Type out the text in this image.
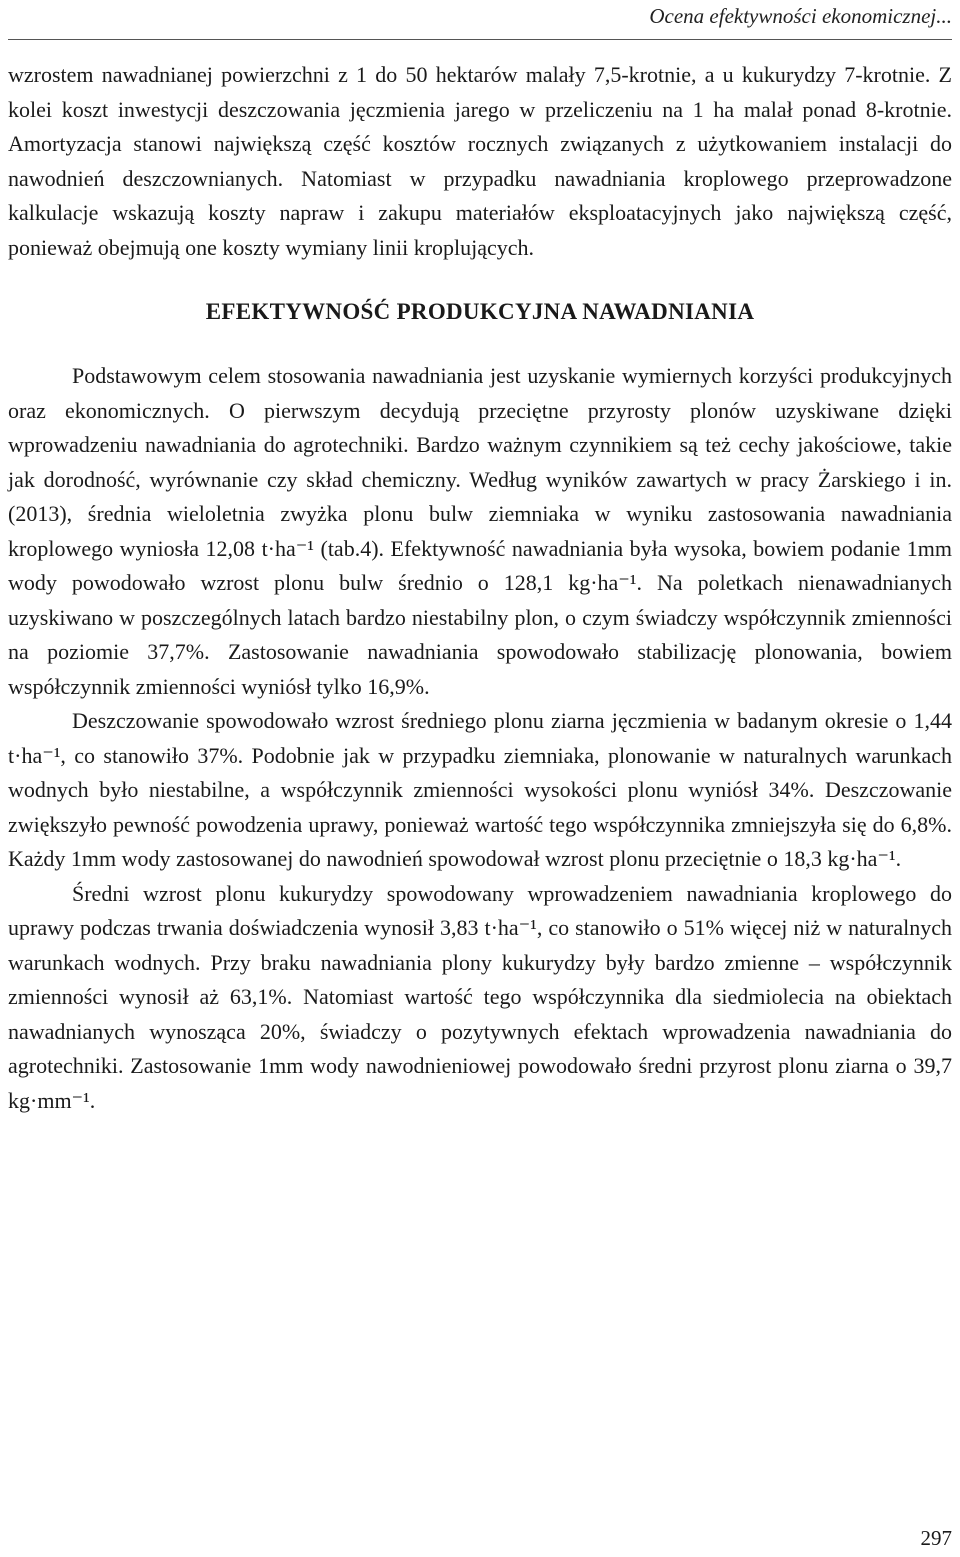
Ocena efektywności ekonomicznej...

wzrostem nawadnianej powierzchni z 1 do 50 hektarów malały 7,5-krotnie, a u kukurydzy 7-krotnie. Z kolei koszt inwestycji deszczowania jęczmienia jarego w przeliczeniu na 1 ha malał ponad 8-krotnie. Amortyzacja stanowi największą część kosztów rocznych związanych z użytkowaniem instalacji do nawodnień deszczownianych. Natomiast w przypadku nawadniania kroplowego przeprowadzone kalkulacje wskazują koszty napraw i zakupu materiałów eksploatacyjnych jako największą część, ponieważ obejmują one koszty wymiany linii kroplujących.

EFEKTYWNOŚĆ PRODUKCYJNA NAWADNIANIA

Podstawowym celem stosowania nawadniania jest uzyskanie wymiernych korzyści produkcyjnych oraz ekonomicznych. O pierwszym decydują przeciętne przyrosty plonów uzyskiwane dzięki wprowadzeniu nawadniania do agrotechniki. Bardzo ważnym czynnikiem są też cechy jakościowe, takie jak dorodność, wyrównanie czy skład chemiczny. Według wyników zawartych w pracy Żarskiego i in. (2013), średnia wieloletnia zwyżka plonu bulw ziemniaka w wyniku zastosowania nawadniania kroplowego wyniosła 12,08 t·ha⁻¹ (tab.4). Efektywność nawadniania była wysoka, bowiem podanie 1mm wody powodowało wzrost plonu bulw średnio o 128,1 kg·ha⁻¹. Na poletkach nienawadnianych uzyskiwano w poszczególnych latach bardzo niestabilny plon, o czym świadczy współczynnik zmienności na poziomie 37,7%. Zastosowanie nawadniania spowodowało stabilizację plonowania, bowiem współczynnik zmienności wyniósł tylko 16,9%.

Deszczowanie spowodowało wzrost średniego plonu ziarna jęczmienia w badanym okresie o 1,44 t·ha⁻¹, co stanowiło 37%. Podobnie jak w przypadku ziemniaka, plonowanie w naturalnych warunkach wodnych było niestabilne, a współczynnik zmienności wysokości plonu wyniósł 34%. Deszczowanie zwiększyło pewność powodzenia uprawy, ponieważ wartość tego współczynnika zmniejszyła się do 6,8%. Każdy 1mm wody zastosowanej do nawodnień spowodował wzrost plonu przeciętnie o 18,3 kg·ha⁻¹.

Średni wzrost plonu kukurydzy spowodowany wprowadzeniem nawadniania kroplowego do uprawy podczas trwania doświadczenia wynosił 3,83 t·ha⁻¹, co stanowiło o 51% więcej niż w naturalnych warunkach wodnych. Przy braku nawadniania plony kukurydzy były bardzo zmienne – współczynnik zmienności wynosił aż 63,1%. Natomiast wartość tego współczynnika dla siedmiolecia na obiektach nawadnianych wynosząca 20%, świadczy o pozytywnych efektach wprowadzenia nawadniania do agrotechniki. Zastosowanie 1mm wody nawodnieniowej powodowało średni przyrost plonu ziarna o 39,7 kg·mm⁻¹.

297
